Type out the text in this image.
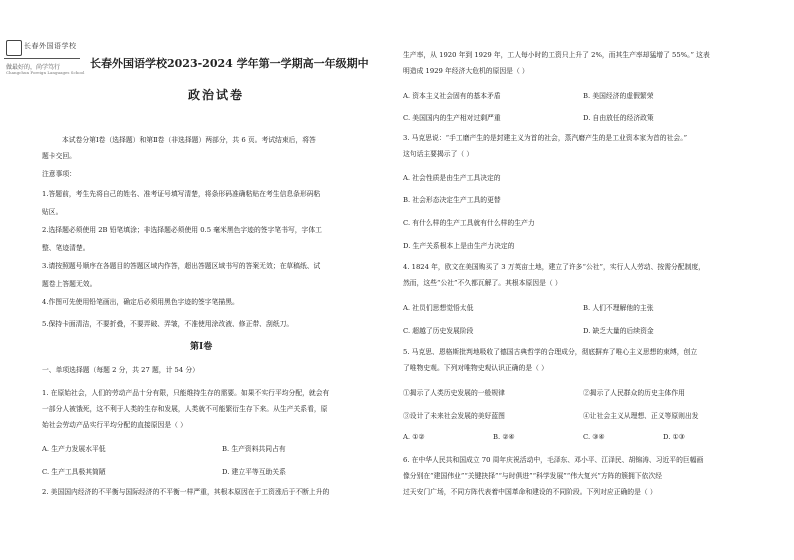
长春外国语学校
做最好的，尚学笃行
Changchun Foreign Languages School
长春外国语学校2023-2024 学年第一学期高一年级期中
政治试卷
本试卷分第Ⅰ卷（选择题）和第Ⅱ卷（非选择题）两部分，共 6 页。考试结束后，将答
题卡交回。
注意事项：
1.答题前，考生先将自己的姓名、准考证号填写清楚，将条形码准确粘贴在考生信息条形码粘
贴区。
2.选择题必须使用 2B 铅笔填涂；非选择题必须使用 0.5 毫米黑色字迹的签字笔书写，字体工
整、笔迹清楚。
3.请按照题号顺序在各题目的答题区域内作答，超出答题区域书写的答案无效；在草稿纸、试
题卷上答题无效。
4.作图可先使用铅笔画出，确定后必须用黑色字迹的签字笔描黑。
5.保持卡面清洁，不要折叠，不要弄破、弄皱，不准使用涂改液、修正带、刮纸刀。
第Ⅰ卷
一、单项选择题（每题 2 分，共 27 题，计 54 分）
1. 在原始社会，人们的劳动产品十分有限，只能维持生存的需要。如果不实行平均分配，就会有
一部分人被饿死，这不利于人类的生存和发展，人类就不可能繁衍生存下来。从生产关系看，原
始社会劳动产品实行平均分配的直接原因是（ ）
A. 生产力发展水平低	B. 生产资料共同占有
C. 生产工具极其简陋	D. 建立平等互助关系
2. 美国国内经济的不平衡与国际经济的不平衡一样严重，其根本原因在于工资涨后于不断上升的
生产率，从 1920 年到 1929 年，工人每小时的工资只上升了 2%，而其生产率却猛增了 55%。” 这表
明造成 1929 年经济大危机的原因是（ ）
A. 资本主义社会固有的基本矛盾	B. 美国经济的虚假繁荣
C. 美国国内的生产相对过剩严重	D. 自由放任的经济政策
3. 马克思说：“手工磨产生的是封建主义为首的社会，蒸汽磨产生的是工业资本家为首的社会。”
这句话主要揭示了（ ）
A. 社会性质是由生产工具决定的
B. 社会形态决定生产工具的更替
C. 有什么样的生产工具就有什么样的生产力
D. 生产关系根本上是由生产力决定的
4. 1824 年，欧文在美国购买了 3 万英亩土地，建立了许多“公社”，实行人人劳动、按需分配制度，
然而，这些“公社”不久都瓦解了。其根本原因是（ ）
A. 社员们思想觉悟太低	B. 人们不理解他的主张
C. 超越了历史发展阶段	D. 缺乏大量的后续资金
5. 马克思、恩格斯批判地吸收了德国古典哲学的合理成分，彻底摒弃了唯心主义思想的束缚，创立
了唯物史观。下列对唯物史观认识正确的是（ ）
①揭示了人类历史发展的一般规律	②揭示了人民群众的历史主体作用
③设计了未来社会发展的美好蓝图	④让社会主义从理想、正义等原则出发
A. ①②	B. ②④	C. ③④	D. ①③
6. 在中华人民共和国成立 70 周年庆祝活动中，毛泽东、邓小平、江泽民、胡锦涛、习近平的巨幅画
像分别在“建国伟业”“关键抉择”“与时俱进”“科学发展”“伟大复兴”方阵的簇拥下依次经
过天安门广场，不同方阵代表着中国革命和建设的不同阶段。下列对应正确的是（ ）
